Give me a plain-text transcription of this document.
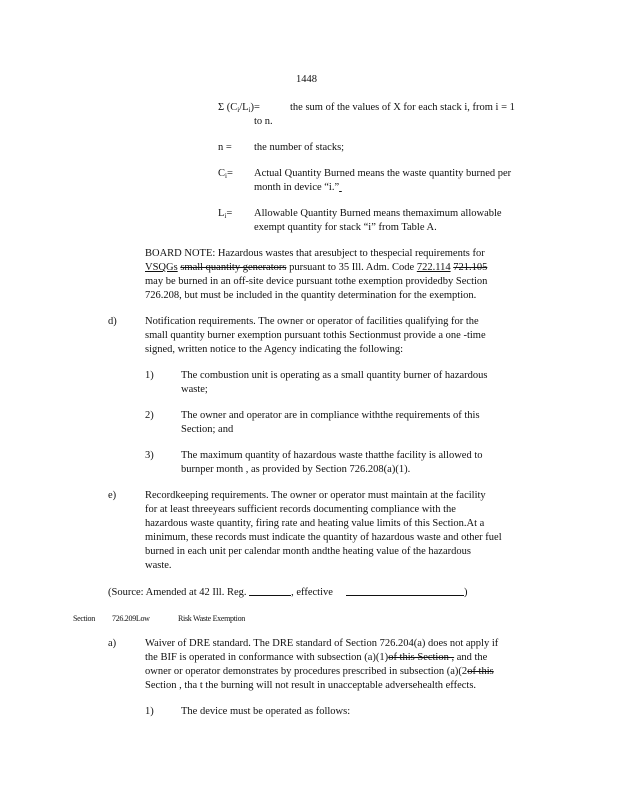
1448
Σ $(C_i/L_i)=$	the sum of the values of X for each stack i, from i = 1
to n.
n = the number of stacks;
$C_i=$ Actual Quantity Burned means the waste quantity burned per
month in device “i.”
$L_i=$ Allowable Quantity Burned means themaximum allowable
exempt quantity for stack “i” from Table A.
BOARD NOTE: Hazardous wastes that aresubject to thespecial requirements for
VSQGs small quantity generators pursuant to 35 Ill. Adm. Code 722.114 721.105
may be burned in an off-site device pursuant tothe exemption providedby Section
726.208, but must be included in the quantity determination for the exemption.
d)	Notification requirements. The owner or operator of facilities qualifying for the
small quantity burner exemption pursuant tothis Sectionmust provide a one -time
signed, written notice to the Agency indicating the following:
1)	The combustion unit is operating as a small quantity burner of hazardous
waste;
2)	The owner and operator are in compliance withthe requirements of this
Section; and
3)	The maximum quantity of hazardous waste thatthe facility is allowed to
burnper month , as provided by Section 726.208(a)(1).
e)	Recordkeeping requirements. The owner or operator must maintain at the facility
for at least threeyears sufficient records documenting compliance with the
hazardous waste quantity, firing rate and heating value limits of this Section.At a
minimum, these records must indicate the quantity of hazardous waste and other fuel
burned in each unit per calendar month andthe heating value of the hazardous
waste.
(Source: Amended at 42 Ill. Reg.	, effective	)
Section 726.209Low	Risk Waste Exemption
a)	Waiver of DRE standard. The DRE standard of Section 726.204(a) does not apply if
the BIF is operated in conformance with subsection (a)(1)of this Section , and the
owner or operator demonstrates by procedures prescribed in subsection (a)(2of this
Section , tha t the burning will not result in unacceptable adversehealth effects.
1)	The device must be operated as follows:
